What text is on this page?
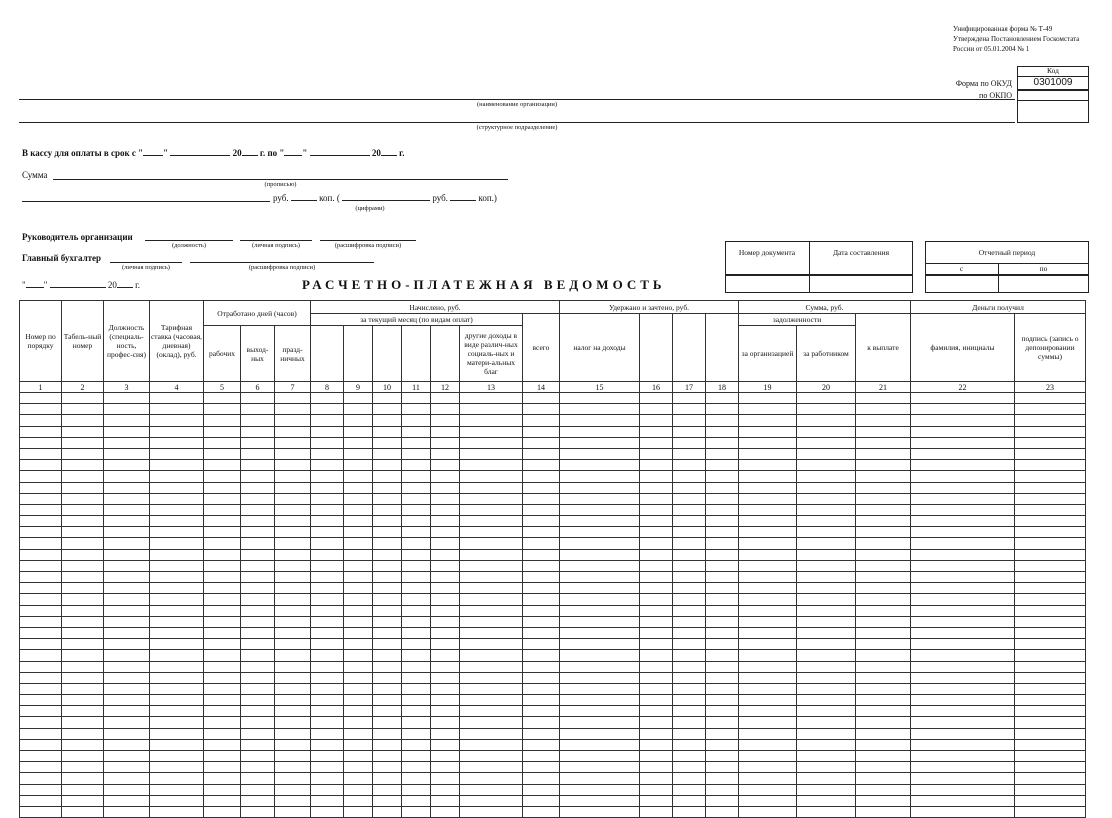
Унифицированная форма № Т-49
Утверждена Постановлением Госкомстата
России от 05.01.2004 № 1
Код
0301009
Форма по ОКУД
по ОКПО
(наименование организации)
(структурное подразделение)
В кассу для оплаты в срок с " "	20 г. по " "	20 г.
Сумма
(прописью)
руб.	коп. (	руб.	коп.)
(цифрами)
Руководитель организации
(должность)	(личная подпись)	(расшифровка подписи)
Главный бухгалтер
(личная подпись)	(расшифровка подписи)
" "	20 г.	РАСЧЕТНО-ПЛАТЕЖНАЯ ВЕДОМОСТЬ
Номер документа	Дата составления	Отчетный период
с	по
Номер по порядку	Табель-ный номер	Должность (специаль-ность, профес-сия)	Тарифная ставка (часовая, дневная) (оклад), руб.	Отработано дней (часов)			Начислено, руб.							Удержано и зачтено, руб.				Сумма, руб.			Деньги получил	
							за текущий месяц (по видам оплат)						всего	налог на доходы				задолженности		к выплате	фамилия, инициалы	подпись (запись о депонировании суммы)
				рабочих	выход-ных	празд-ничных						другие доходы в виде различ-ных социаль-ных и матери-альных благ						за организацией	за работником			
1	2	3	4	5	6	7	8	9	10	11	12	13	14	15	16	17	18	19	20	21	22	23
